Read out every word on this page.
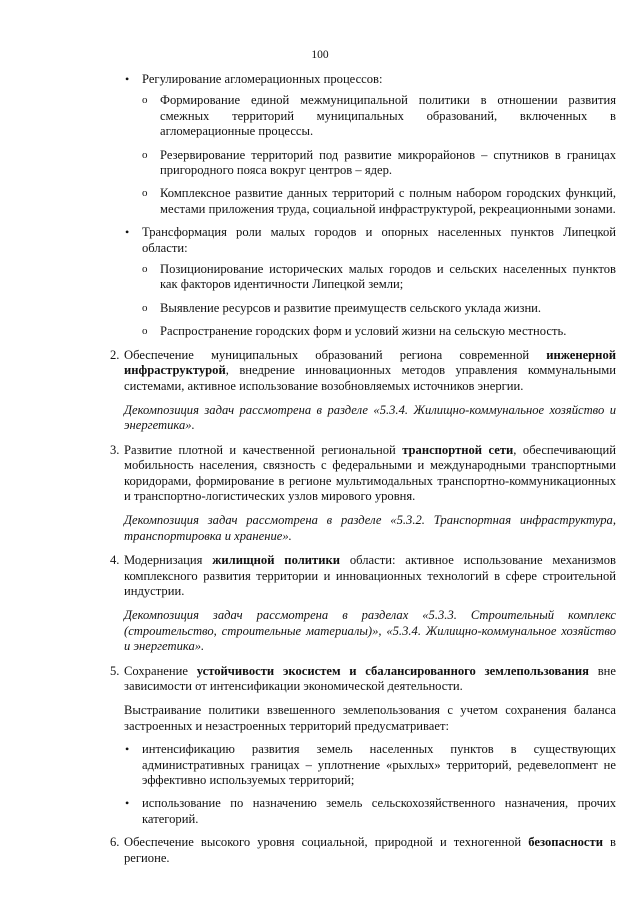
100
• Регулирование агломерационных процессов:
o Формирование единой межмуниципальной политики в отношении развития смежных территорий муниципальных образований, включенных в агломерационные процессы.
o Резервирование территорий под развитие микрорайонов – спутников в границах пригородного пояса вокруг центров – ядер.
o Комплексное развитие данных территорий с полным набором городских функций, местами приложения труда, социальной инфраструктурой, рекреационными зонами.
• Трансформация роли малых городов и опорных населенных пунктов Липецкой области:
o Позиционирование исторических малых городов и сельских населенных пунктов как факторов идентичности Липецкой земли;
o Выявление ресурсов и развитие преимуществ сельского уклада жизни.
o Распространение городских форм и условий жизни на сельскую местность.
2. Обеспечение муниципальных образований региона современной инженерной инфраструктурой, внедрение инновационных методов управления коммунальными системами, активное использование возобновляемых источников энергии.
Декомпозиция задач рассмотрена в разделе «5.3.4. Жилищно-коммунальное хозяйство и энергетика».
3. Развитие плотной и качественной региональной транспортной сети, обеспечивающий мобильность населения, связность с федеральными и международными транспортными коридорами, формирование в регионе мультимодальных транспортно-коммуникационных и транспортно-логистических узлов мирового уровня.
Декомпозиция задач рассмотрена в разделе «5.3.2. Транспортная инфраструктура, транспортировка и хранение».
4. Модернизация жилищной политики области: активное использование механизмов комплексного развития территории и инновационных технологий в сфере строительной индустрии.
Декомпозиция задач рассмотрена в разделах «5.3.3. Строительный комплекс (строительство, строительные материалы)», «5.3.4. Жилищно-коммунальное хозяйство и энергетика».
5. Сохранение устойчивости экосистем и сбалансированного землепользования вне зависимости от интенсификации экономической деятельности.
Выстраивание политики взвешенного землепользования с учетом сохранения баланса застроенных и незастроенных территорий предусматривает:
• интенсификацию развития земель населенных пунктов в существующих административных границах – уплотнение «рыхлых» территорий, редевелопмент не эффективно используемых территорий;
• использование по назначению земель сельскохозяйственного назначения, прочих категорий.
6. Обеспечение высокого уровня социальной, природной и техногенной безопасности в регионе.
